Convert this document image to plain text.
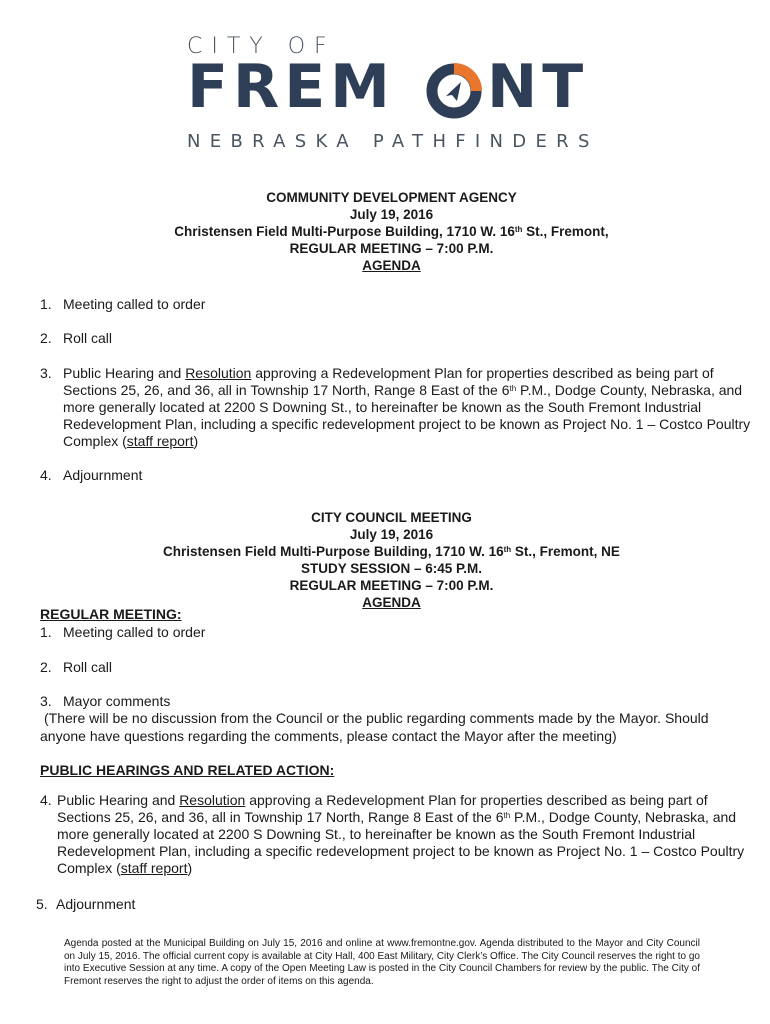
CITY OF
FREM NT
NEBRASKA PATHFINDERS
COMMUNITY DEVELOPMENT AGENCY
July 19, 2016
Christensen Field Multi-Purpose Building, 1710 W. 16th St., Fremont,
REGULAR MEETING – 7:00 P.M.
AGENDA
1. Meeting called to order
2. Roll call
3. Public Hearing and Resolution approving a Redevelopment Plan for properties described as being part of Sections 25, 26, and 36, all in Township 17 North, Range 8 East of the 6th P.M., Dodge County, Nebraska, and more generally located at 2200 S Downing St., to hereinafter be known as the South Fremont Industrial Redevelopment Plan, including a specific redevelopment project to be known as Project No. 1 – Costco Poultry Complex (staff report)
4. Adjournment
CITY COUNCIL MEETING
July 19, 2016
Christensen Field Multi-Purpose Building, 1710 W. 16th St., Fremont, NE
STUDY SESSION – 6:45 P.M.
REGULAR MEETING – 7:00 P.M.
AGENDA
REGULAR MEETING:
1. Meeting called to order
2. Roll call
3. Mayor comments
(There will be no discussion from the Council or the public regarding comments made by the Mayor. Should anyone have questions regarding the comments, please contact the Mayor after the meeting)
PUBLIC HEARINGS AND RELATED ACTION:
4. Public Hearing and Resolution approving a Redevelopment Plan for properties described as being part of Sections 25, 26, and 36, all in Township 17 North, Range 8 East of the 6th P.M., Dodge County, Nebraska, and more generally located at 2200 S Downing St., to hereinafter be known as the South Fremont Industrial Redevelopment Plan, including a specific redevelopment project to be known as Project No. 1 – Costco Poultry Complex (staff report)
5. Adjournment
Agenda posted at the Municipal Building on July 15, 2016 and online at www.fremontne.gov. Agenda distributed to the Mayor and City Council on July 15, 2016. The official current copy is available at City Hall, 400 East Military, City Clerk’s Office. The City Council reserves the right to go into Executive Session at any time. A copy of the Open Meeting Law is posted in the City Council Chambers for review by the public. The City of Fremont reserves the right to adjust the order of items on this agenda.
